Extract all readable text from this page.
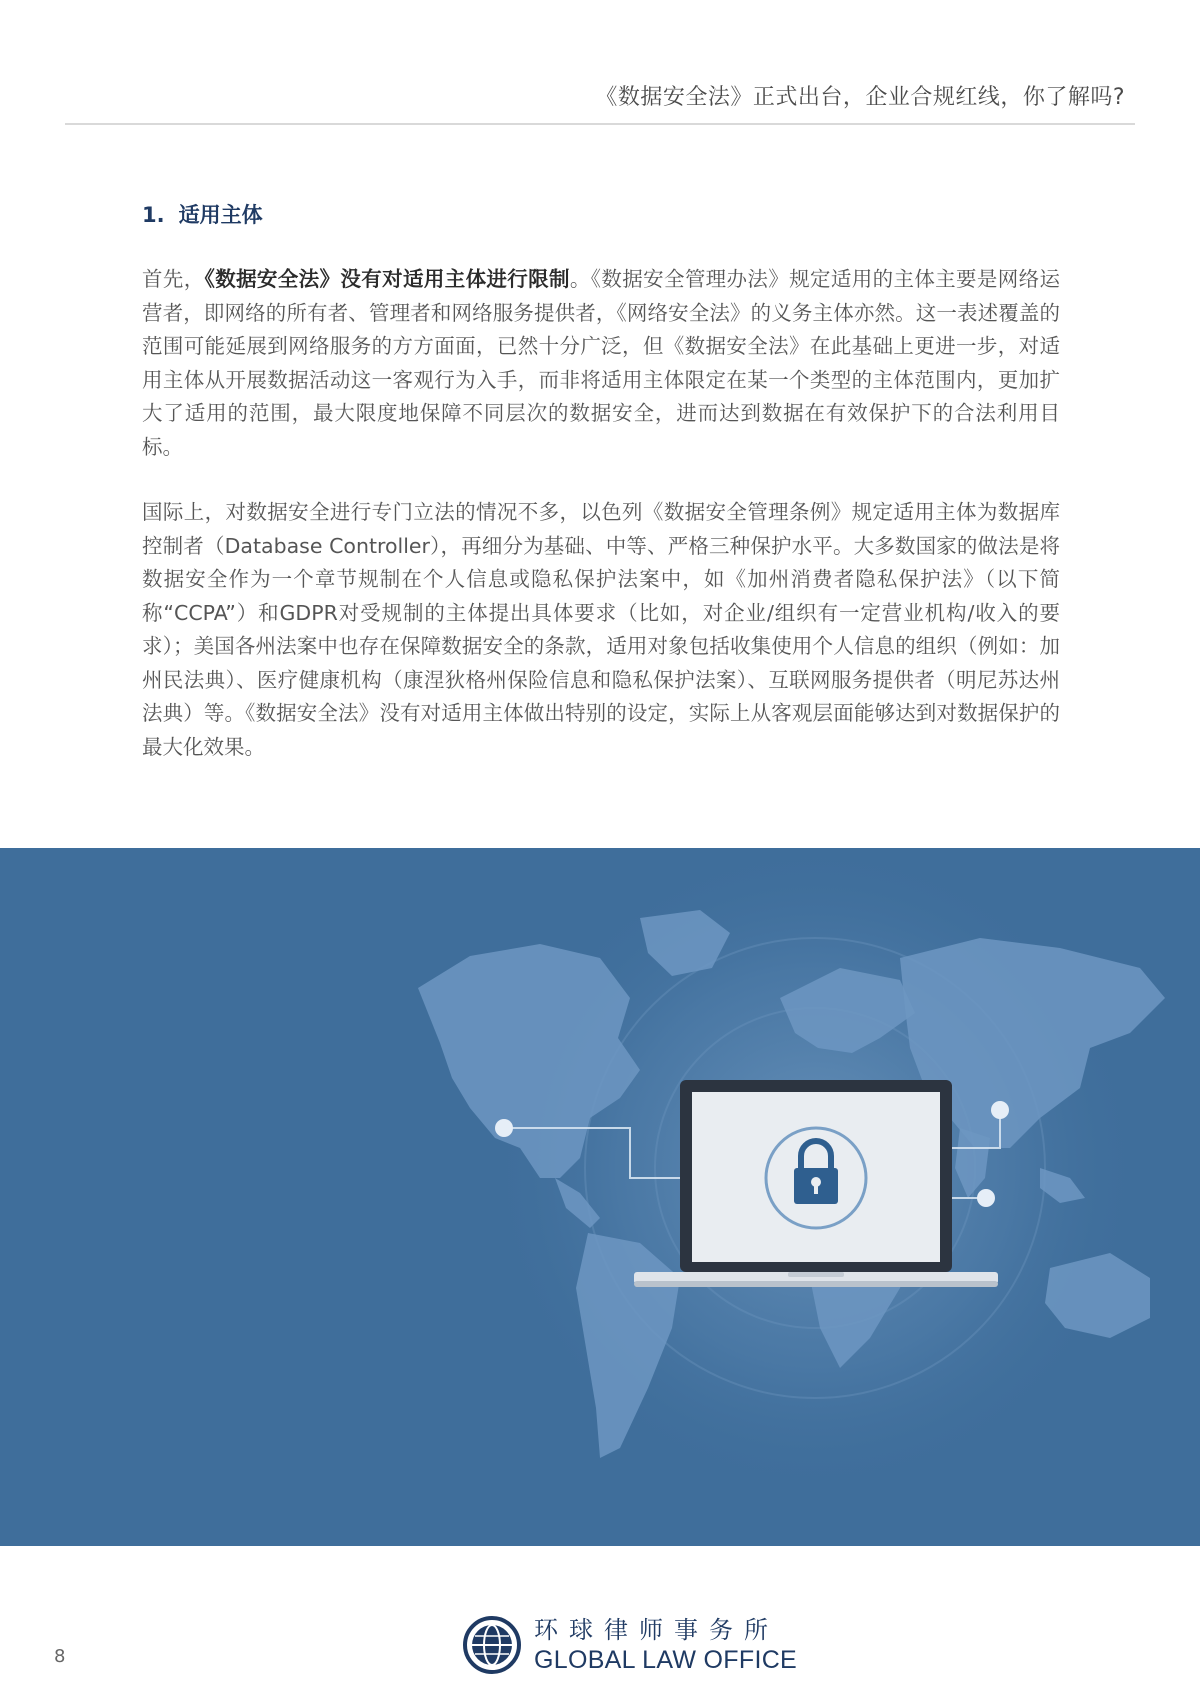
《数据安全法》正式出台，企业合规红线，你了解吗?
1. 适用主体

首先，《数据安全法》没有对适用主体进行限制。《数据安全管理办法》规定适用的主体主要是网络运营者，即网络的所有者、管理者和网络服务提供者，《网络安全法》的义务主体亦然。这一表述覆盖的范围可能延展到网络服务的方方面面，已然十分广泛，但《数据安全法》在此基础上更进一步，对适用主体从开展数据活动这一客观行为入手，而非将适用主体限定在某一个类型的主体范围内，更加扩大了适用的范围，最大限度地保障不同层次的数据安全，进而达到数据在有效保护下的合法利用目标。

国际上，对数据安全进行专门立法的情况不多，以色列《数据安全管理条例》规定适用主体为数据库控制者（Database Controller），再细分为基础、中等、严格三种保护水平。大多数国家的做法是将数据安全作为一个章节规制在个人信息或隐私保护法案中，如《加州消费者隐私保护法》（以下简称“CCPA”）和GDPR对受规制的主体提出具体要求（比如，对企业/组织有一定营业机构/收入的要求）；美国各州法案中也存在保障数据安全的条款，适用对象包括收集使用个人信息的组织（例如：加州民法典）、医疗健康机构（康涅狄格州保险信息和隐私保护法案）、互联网服务提供者（明尼苏达州法典）等。《数据安全法》没有对适用主体做出特别的设定，实际上从客观层面能够达到对数据保护的最大化效果。

8
环球律师事务所
GLOBAL LAW OFFICE
